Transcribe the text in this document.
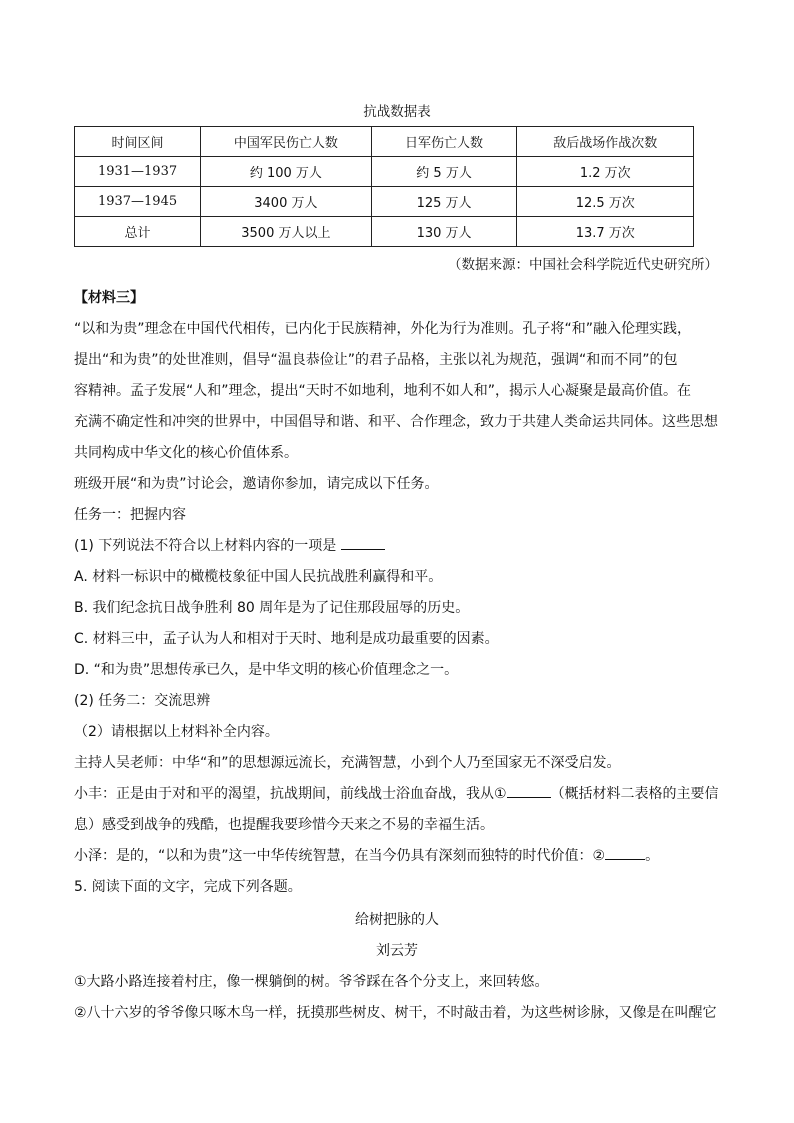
抗战数据表
时间区间	中国军民伤亡人数	日军伤亡人数	敌后战场作战次数
1931—1937	约 100 万人	约 5 万人	1.2 万次
1937—1945	3400 万人	125 万人	12.5 万次
总计	3500 万人以上	130 万人	13.7 万次
（数据来源：中国社会科学院近代史研究所）
【材料三】
“以和为贵”理念在中国代代相传，已内化于民族精神，外化为行为准则。孔子将“和”融入伦理实践，
提出“和为贵”的处世准则，倡导“温良恭俭让”的君子品格，主张以礼为规范，强调“和而不同”的包
容精神。孟子发展“人和”理念，提出“天时不如地利，地利不如人和”，揭示人心凝聚是最高价值。在
充满不确定性和冲突的世界中，中国倡导和谐、和平、合作理念，致力于共建人类命运共同体。这些思想
共同构成中华文化的核心价值体系。
班级开展“和为贵”讨论会，邀请你参加，请完成以下任务。
任务一：把握内容
(1) 下列说法不符合以上材料内容的一项是
A. 材料一标识中的橄榄枝象征中国人民抗战胜利赢得和平。
B. 我们纪念抗日战争胜利 80 周年是为了记住那段屈辱的历史。
C. 材料三中，孟子认为人和相对于天时、地利是成功最重要的因素。
D. “和为贵”思想传承已久，是中华文明的核心价值理念之一。
(2) 任务二：交流思辨
（2）请根据以上材料补全内容。
主持人吴老师：中华“和”的思想源远流长，充满智慧，小到个人乃至国家无不深受启发。
小丰：正是由于对和平的渴望，抗战期间，前线战士浴血奋战，我从①	（概括材料二表格的主要信
息）感受到战争的残酷，也提醒我要珍惜今天来之不易的幸福生活。
小泽：是的，“以和为贵”这一中华传统智慧，在当今仍具有深刻而独特的时代价值：②	。
5. 阅读下面的文字，完成下列各题。
给树把脉的人
刘云芳
①大路小路连接着村庄，像一棵躺倒的树。爷爷踩在各个分支上，来回转悠。
②八十六岁的爷爷像只啄木鸟一样，抚摸那些树皮、树干，不时敲击着，为这些树诊脉，又像是在叫醒它
